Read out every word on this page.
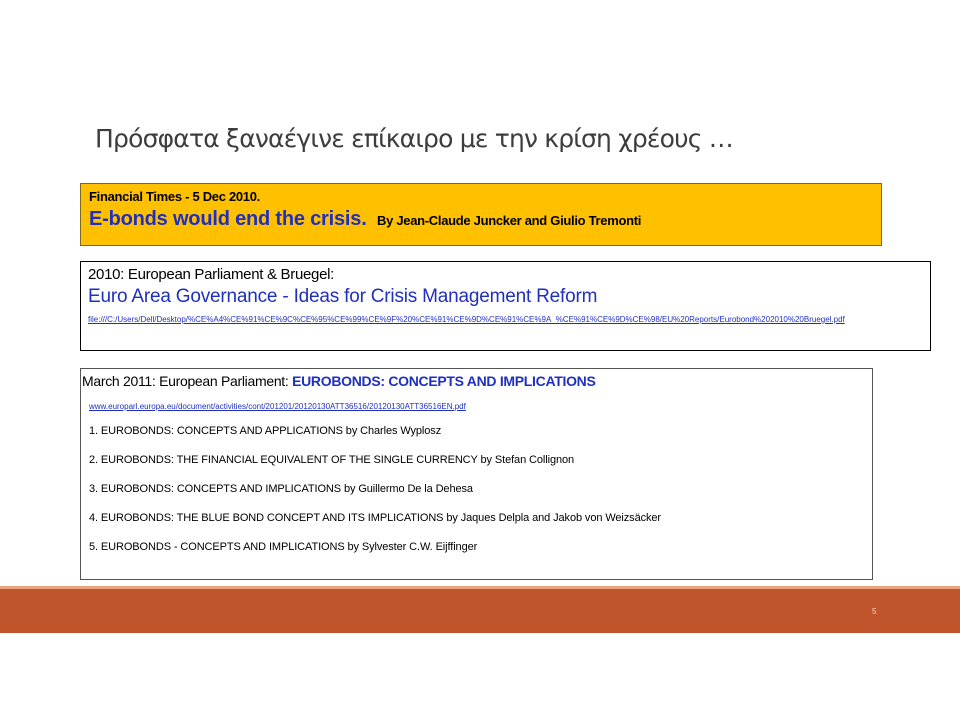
Πρόσφατα ξαναέγινε επίκαιρο με την κρίση χρέους …
Financial Times - 5 Dec 2010.
E-bonds would end the crisis. By Jean-Claude Juncker and Giulio Tremonti
2010: European Parliament & Bruegel:
Euro Area Governance - Ideas for Crisis Management Reform
file:///C:/Users/Dell/Desktop/%CE%A4%CE%91%CE%9C%CE%95%CE%99%CE%9F%20%CE%91%CE%9D%CE%91%CE%9A_%CE%91%CE%9D%CE%98/EU%20Reports/Eurobond%202010%20Bruegel.pdf
March 2011: European Parliament: EUROBONDS: CONCEPTS AND IMPLICATIONS
www.europarl.europa.eu/document/activities/cont/201201/20120130ATT36516/20120130ATT36516EN.pdf
1. EUROBONDS: CONCEPTS AND APPLICATIONS by Charles Wyplosz
2. EUROBONDS: THE FINANCIAL EQUIVALENT OF THE SINGLE CURRENCY by Stefan Collignon
3. EUROBONDS: CONCEPTS AND IMPLICATIONS by Guillermo De la Dehesa
4. EUROBONDS: THE BLUE BOND CONCEPT AND ITS IMPLICATIONS by Jaques Delpla and Jakob von Weizsäcker
5. EUROBONDS - CONCEPTS AND IMPLICATIONS by Sylvester C.W. Eijffinger
5
